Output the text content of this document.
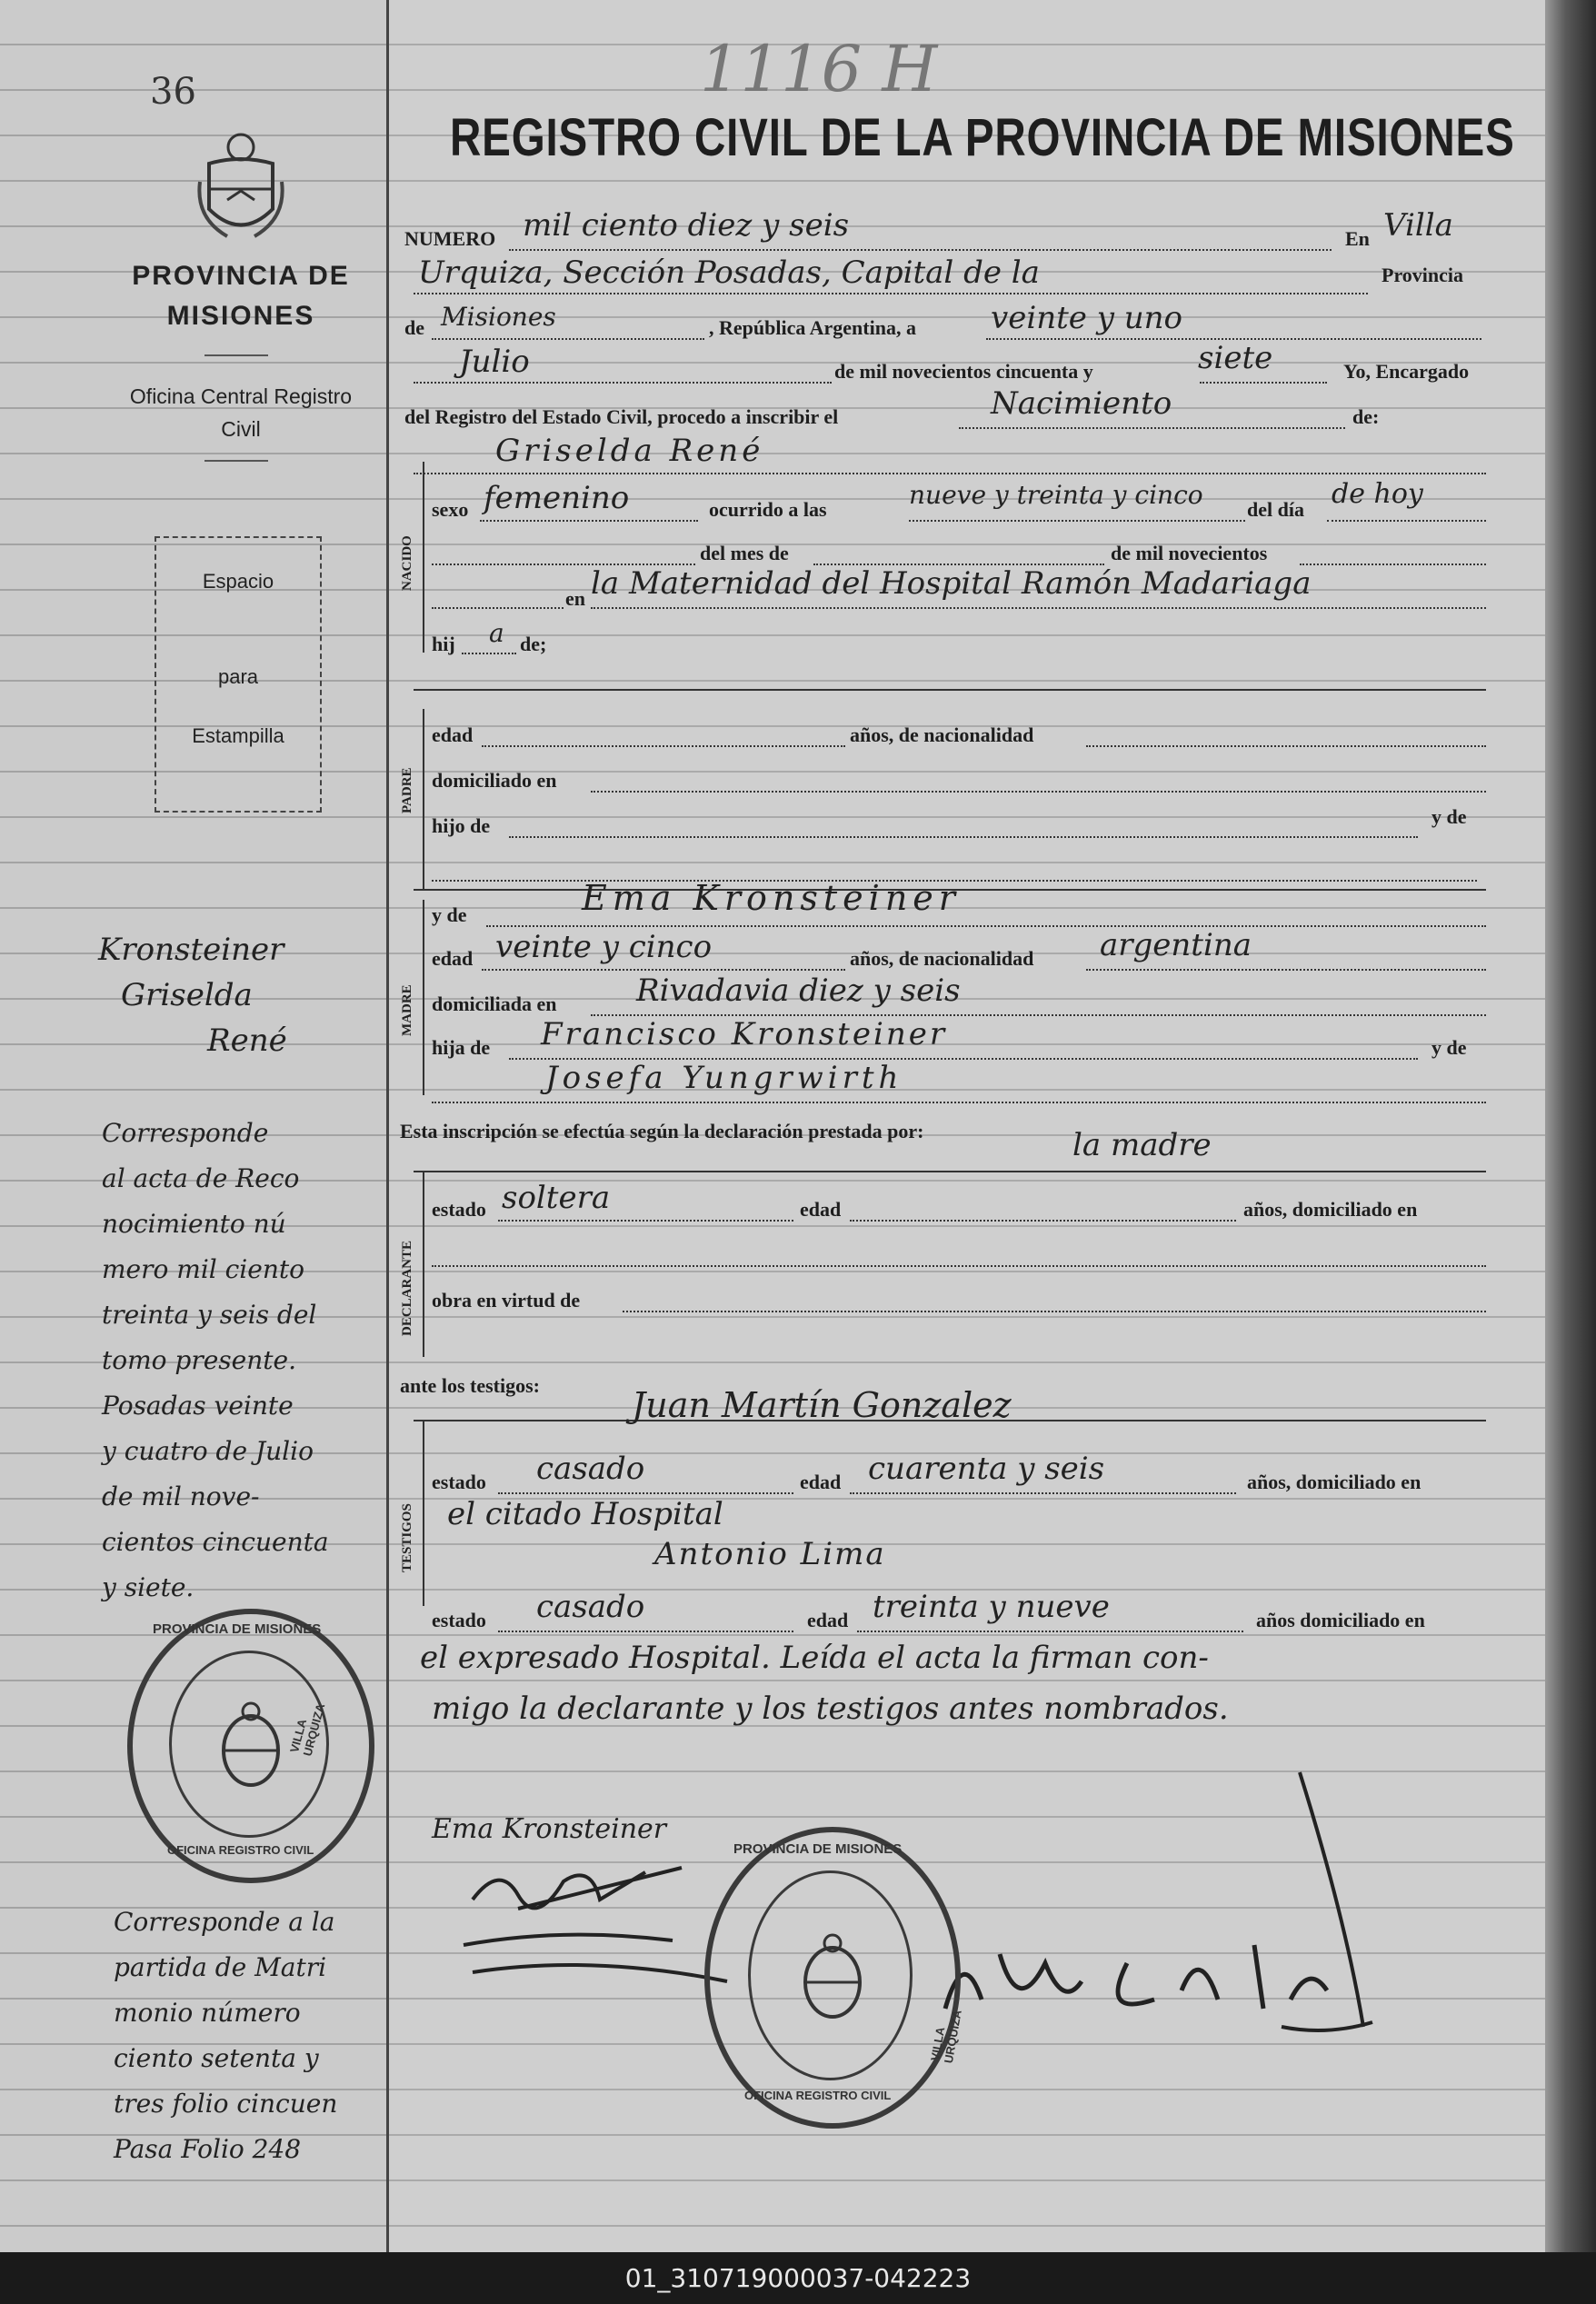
36
PROVINCIA DE MISIONES
Oficina Central Registro Civil
Espacio
para
Estampilla
Kronsteiner
Griselda
René
Corresponde
al acta de Reco
nocimiento nú
mero mil ciento
treinta y seis del
tomo presente.
Posadas veinte
y cuatro de Julio
de mil nove-
cientos cincuenta
y siete.
PROVINCIA DE MISIONES
OFICINA REGISTRO CIVIL
VILLA URQUIZA
Corresponde a la
partida de Matri
monio número
ciento setenta y
tres folio cincuen
Pasa Folio 248
1116 H
REGISTRO CIVIL DE LA PROVINCIA DE MISIONES
NUMERO mil ciento diez y seis	En Villa
Urquiza, Sección Posadas, Capital de la	Provincia
de Misiones	, República Argentina, a veinte y uno
Julio	de mil novecientos cincuenta y	siete	Yo, Encargado
del Registro del Estado Civil, procedo a inscribir el	Nacimiento	de:
Griselda René
NACIDO
sexo femenino	ocurrido a las	nueve y treinta y cinco del día de hoy
del mes de	de mil novecientos
en la Maternidad del Hospital Ramón Madariaga
hij a de;
PADRE
edad	años, de nacionalidad
domiciliado en
hijo de	y de
MADRE
y de	Ema Kronsteiner
edad veinte y cinco	años, de nacionalidad argentina
domiciliada en	Rivadavia diez y seis
hija de Francisco Kronsteiner	y de
Josefa Yungrwirth
Esta inscripción se efectúa según la declaración prestada por:	la madre
DECLARANTE
estado soltera	edad	años, domiciliado en
obra en virtud de
ante los testigos:
TESTIGOS
Juan Martín Gonzalez
estado casado	edad cuarenta y seis	años, domiciliado en
el citado Hospital
Antonio Lima
estado casado	edad treinta y nueve	años domiciliado en
el expresado Hospital. Leída el acta la firman con-
migo la declarante y los testigos antes nombrados.
Ema Kronsteiner
PROVINCIA DE MISIONES
OFICINA REGISTRO CIVIL
VILLA URQUIZA
01_310719000037-042223
